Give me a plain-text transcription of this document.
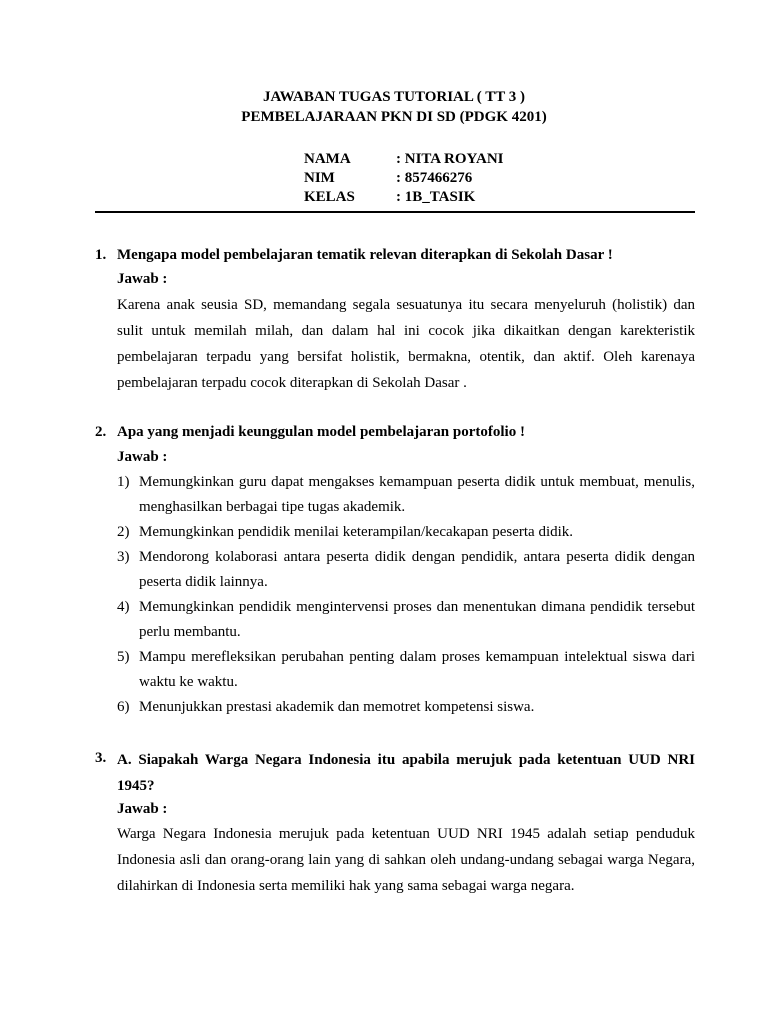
JAWABAN TUGAS TUTORIAL ( TT 3 )
PEMBELAJARAAN PKN DI SD (PDGK 4201)
NAMA	: NITA ROYANI
NIM	: 857466276
KELAS	: 1B_TASIK
1. Mengapa model pembelajaran tematik relevan diterapkan di Sekolah Dasar !
Jawab :
Karena anak seusia SD, memandang segala sesuatunya itu secara menyeluruh (holistik) dan sulit untuk memilah milah, dan dalam hal ini cocok jika dikaitkan dengan karekteristik pembelajaran terpadu yang bersifat holistik, bermakna, otentik, dan aktif. Oleh karenaya pembelajaran terpadu cocok diterapkan di Sekolah Dasar .
2. Apa yang menjadi keunggulan model pembelajaran portofolio !
Jawab :
1) Memungkinkan guru dapat mengakses kemampuan peserta didik untuk membuat, menulis, menghasilkan berbagai tipe tugas akademik.
2) Memungkinkan pendidik menilai keterampilan/kecakapan peserta didik.
3) Mendorong kolaborasi antara peserta didik dengan pendidik, antara peserta didik dengan peserta didik lainnya.
4) Memungkinkan pendidik mengintervensi proses dan menentukan dimana pendidik tersebut perlu membantu.
5) Mampu merefleksikan perubahan penting dalam proses kemampuan intelektual siswa dari waktu ke waktu.
6) Menunjukkan prestasi akademik dan memotret kompetensi siswa.
3. A. Siapakah Warga Negara Indonesia itu apabila merujuk pada ketentuan UUD NRI 1945?
Jawab :
Warga Negara Indonesia merujuk pada ketentuan UUD NRI 1945 adalah setiap penduduk Indonesia asli dan orang-orang lain yang di sahkan oleh undang-undang sebagai warga Negara, dilahirkan di Indonesia serta memiliki hak yang sama sebagai warga negara.
